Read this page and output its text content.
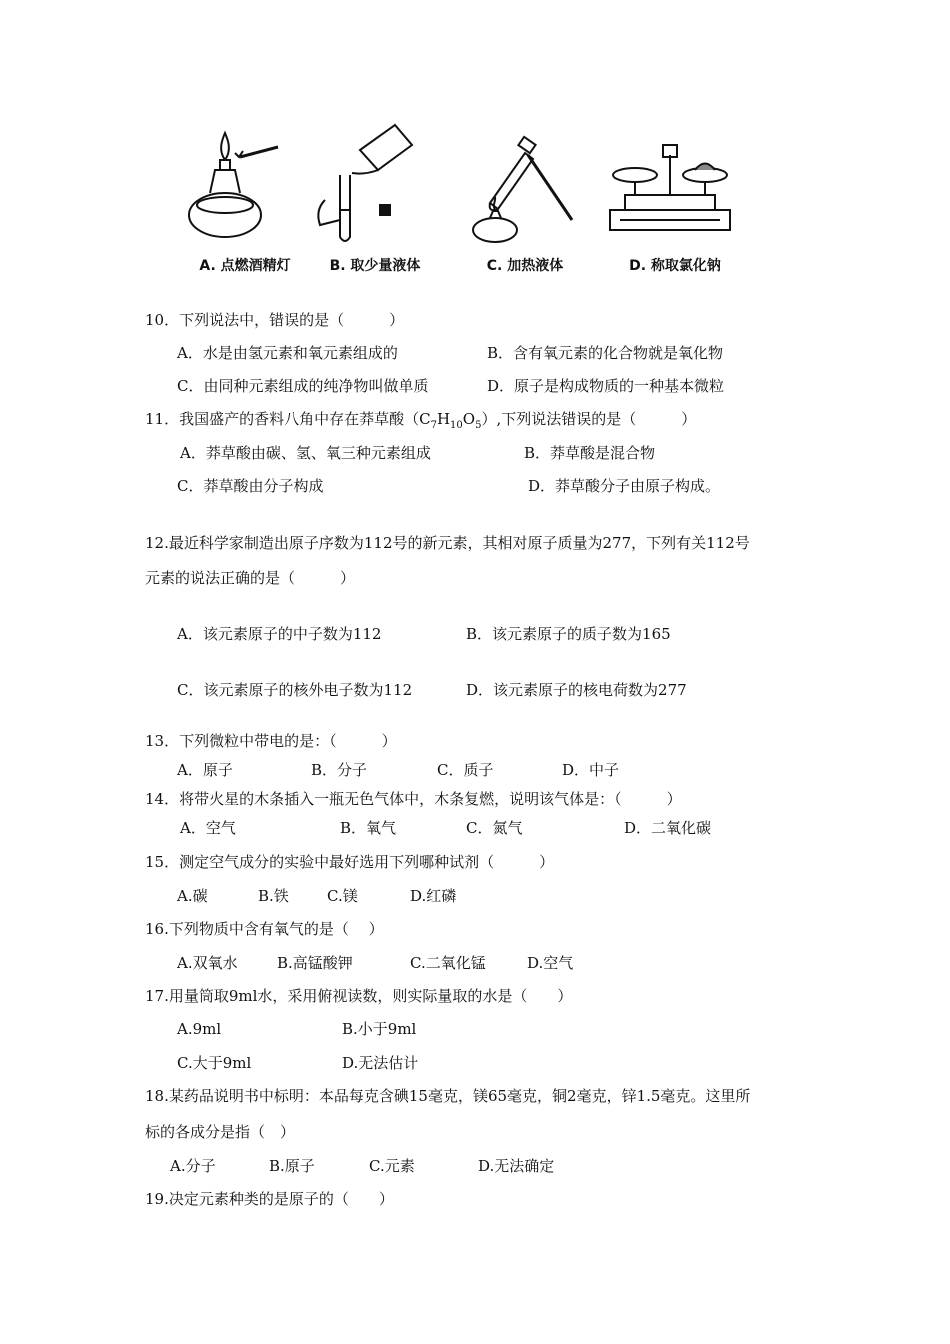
A. 点燃酒精灯	B. 取少量液体	C. 加热液体	D. 称取氯化钠
10．下列说法中，错误的是（　　　）
A．水是由氢元素和氧元素组成的	B．含有氧元素的化合物就是氧化物
C．由同种元素组成的纯净物叫做单质	D．原子是构成物质的一种基本微粒
11．我国盛产的香料八角中存在莽草酸$(C_7H_{10}O_5)$,下列说法错误的是（　　　）
A．莽草酸由碳、氢、氧三种元素组成	B．莽草酸是混合物
C．莽草酸由分子构成	D．莽草酸分子由原子构成。
12.最近科学家制造出原子序数为112号的新元素，其相对原子质量为277，下列有关112号
元素的说法正确的是（　　　）
A．该元素原子的中子数为112	B．该元素原子的质子数为165
C．该元素原子的核外电子数为112	D．该元素原子的核电荷数为277
13．下列微粒中带电的是：（　　　）
A．原子	B．分子	C．质子	D．中子
14．将带火星的木条插入一瓶无色气体中，木条复燃，说明该气体是：（　　　）
A．空气	B．氧气	C．氮气	D．二氧化碳
15．测定空气成分的实验中最好选用下列哪种试剂（　　　）
A.碳	B.铁	C.镁	D.红磷
16.下列物质中含有氧气的是（　 ）
A.双氧水	B.高锰酸钾	C.二氧化锰	D.空气
17.用量筒取9ml水，采用俯视读数，则实际量取的水是（　　）
A.9ml	B.小于9ml
C.大于9ml	D.无法估计
18.某药品说明书中标明：本品每克含碘15毫克，镁65毫克，铜2毫克，锌1.5毫克。这里所
标的各成分是指（　）
A.分子	B.原子	C.元素	D.无法确定
19.决定元素种类的是原子的（　　）
